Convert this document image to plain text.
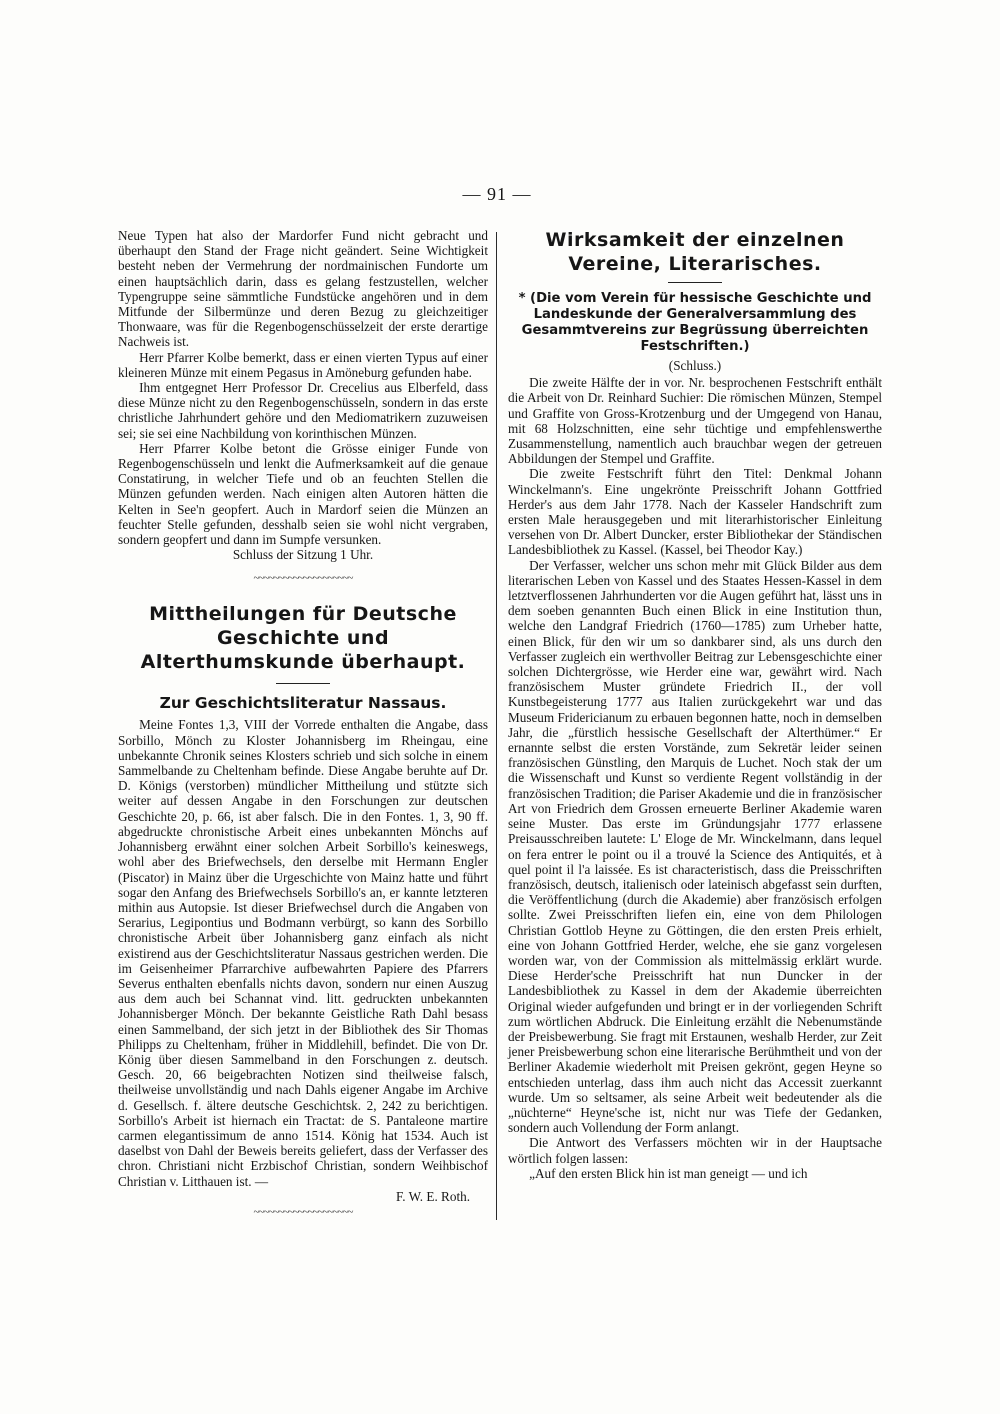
— 91 —

Neue Typen hat also der Mardorfer Fund nicht gebracht und überhaupt den Stand der Frage nicht geändert. Seine Wichtigkeit besteht neben der Vermehrung der nordmainischen Fundorte um einen hauptsächlich darin, dass es gelang festzustellen, welcher Typengruppe seine sämmtliche Fundstücke angehören und in dem Mitfunde der Silbermünze und deren Bezug zu gleichzeitiger Thonwaare, was für die Regenbogenschüsselzeit der erste derartige Nachweis ist.

Herr Pfarrer Kolbe bemerkt, dass er einen vierten Typus auf einer kleineren Münze mit einem Pegasus in Amöneburg gefunden habe.

Ihm entgegnet Herr Professor Dr. Crecelius aus Elberfeld, dass diese Münze nicht zu den Regenbogenschüsseln, sondern in das erste christliche Jahrhundert gehöre und den Mediomatrikern zuzuweisen sei; sie sei eine Nachbildung von korinthischen Münzen.

Herr Pfarrer Kolbe betont die Grösse einiger Funde von Regenbogenschüsseln und lenkt die Aufmerksamkeit auf die genaue Constatirung, in welcher Tiefe und ob an feuchten Stellen die Münzen gefunden werden. Nach einigen alten Autoren hätten die Kelten in See'n geopfert. Auch in Mardorf seien die Münzen an feuchter Stelle gefunden, desshalb seien sie wohl nicht vergraben, sondern geopfert und dann im Sumpfe versunken.

Schluss der Sitzung 1 Uhr.

~~~~~~~~~~~~~~~~~~~~

Mittheilungen für Deutsche Geschichte und Alterthumskunde überhaupt.

Zur Geschichtsliteratur Nassaus.

Meine Fontes 1,3, VIII der Vorrede enthalten die Angabe, dass Sorbillo, Mönch zu Kloster Johannisberg im Rheingau, eine unbekannte Chronik seines Klosters schrieb und sich solche in einem Sammelbande zu Cheltenham befinde. Diese Angabe beruhte auf Dr. D. Königs (verstorben) mündlicher Mittheilung und stützte sich weiter auf dessen Angabe in den Forschungen zur deutschen Geschichte 20, p. 66, ist aber falsch. Die in den Fontes. 1, 3, 90 ff. abgedruckte chronistische Arbeit eines unbekannten Mönchs auf Johannisberg erwähnt einer solchen Arbeit Sorbillo's keineswegs, wohl aber des Briefwechsels, den derselbe mit Hermann Engler (Piscator) in Mainz über die Urgeschichte von Mainz hatte und führt sogar den Anfang des Briefwechsels Sorbillo's an, er kannte letzteren mithin aus Autopsie. Ist dieser Briefwechsel durch die Angaben von Serarius, Legipontius und Bodmann verbürgt, so kann des Sorbillo chronistische Arbeit über Johannisberg ganz einfach als nicht existirend aus der Geschichtsliteratur Nassaus gestrichen werden. Die im Geisenheimer Pfarrarchive aufbewahrten Papiere des Pfarrers Severus enthalten ebenfalls nichts davon, sondern nur einen Auszug aus dem auch bei Schannat vind. litt. gedruckten unbekannten Johannisberger Mönch. Der bekannte Geistliche Rath Dahl besass einen Sammelband, der sich jetzt in der Bibliothek des Sir Thomas Philipps zu Cheltenham, früher in Middlehill, befindet. Die von Dr. König über diesen Sammelband in den Forschungen z. deutsch. Gesch. 20, 66 beigebrachten Notizen sind theilweise falsch, theilweise unvollständig und nach Dahls eigener Angabe im Archive d. Gesellsch. f. ältere deutsche Geschichtsk. 2, 242 zu berichtigen. Sorbillo's Arbeit ist hiernach ein Tractat: de S. Pantaleone martire carmen elegantissimum de anno 1514. König hat 1534. Auch ist daselbst von Dahl der Beweis bereits geliefert, dass der Verfasser des chron. Christiani nicht Erzbischof Christian, sondern Weihbischof Christian v. Litthauen ist. —

F. W. E. Roth.

~~~~~~~~~~~~~~~~~~~~

Wirksamkeit der einzelnen Vereine, Literarisches.

* (Die vom Verein für hessische Geschichte und Landeskunde der Generalversammlung des Gesammtvereins zur Begrüssung überreichten Festschriften.)

(Schluss.)

Die zweite Hälfte der in vor. Nr. besprochenen Festschrift enthält die Arbeit von Dr. Reinhard Suchier: Die römischen Münzen, Stempel und Graffite von Gross-Krotzenburg und der Umgegend von Hanau, mit 68 Holzschnitten, eine sehr tüchtige und empfehlenswerthe Zusammenstellung, namentlich auch brauchbar wegen der getreuen Abbildungen der Stempel und Graffite.

Die zweite Festschrift führt den Titel: Denkmal Johann Winckelmann's. Eine ungekrönte Preisschrift Johann Gottfried Herder's aus dem Jahr 1778. Nach der Kasseler Handschrift zum ersten Male herausgegeben und mit literarhistorischer Einleitung versehen von Dr. Albert Duncker, erster Bibliothekar der Ständischen Landesbibliothek zu Kassel. (Kassel, bei Theodor Kay.)

Der Verfasser, welcher uns schon mehr mit Glück Bilder aus dem literarischen Leben von Kassel und des Staates Hessen-Kassel in dem letztverflossenen Jahrhunderten vor die Augen geführt hat, lässt uns in dem soeben genannten Buch einen Blick in eine Institution thun, welche den Landgraf Friedrich (1760—1785) zum Urheber hatte, einen Blick, für den wir um so dankbarer sind, als uns durch den Verfasser zugleich ein werthvoller Beitrag zur Lebensgeschichte einer solchen Dichtergrösse, wie Herder eine war, gewährt wird. Nach französischem Muster gründete Friedrich II., der voll Kunstbegeisterung 1777 aus Italien zurückgekehrt war und das Museum Fridericianum zu erbauen begonnen hatte, noch in demselben Jahr, die „fürstlich hessische Gesellschaft der Alterthümer.“ Er ernannte selbst die ersten Vorstände, zum Sekretär leider seinen französischen Günstling, den Marquis de Luchet. Noch stak der um die Wissenschaft und Kunst so verdiente Regent vollständig in der französischen Tradition; die Pariser Akademie und die in französischer Art von Friedrich dem Grossen erneuerte Berliner Akademie waren seine Muster. Das erste im Gründungsjahr 1777 erlassene Preisausschreiben lautete: L' Eloge de Mr. Winckelmann, dans lequel on fera entrer le point ou il a trouvé la Science des Antiquités, et à quel point il l'a laissée. Es ist characteristisch, dass die Preisschriften französisch, deutsch, italienisch oder lateinisch abgefasst sein durften, die Veröffentlichung (durch die Akademie) aber französisch erfolgen sollte. Zwei Preisschriften liefen ein, eine von dem Philologen Christian Gottlob Heyne zu Göttingen, die den ersten Preis erhielt, eine von Johann Gottfried Herder, welche, ehe sie ganz vorgelesen worden war, von der Commission als mittelmässig erklärt wurde. Diese Herder'sche Preisschrift hat nun Duncker in der Landesbibliothek zu Kassel in dem der Akademie überreichten Original wieder aufgefunden und bringt er in der vorliegenden Schrift zum wörtlichen Abdruck. Die Einleitung erzählt die Nebenumstände der Preisbewerbung. Sie fragt mit Erstaunen, weshalb Herder, zur Zeit jener Preisbewerbung schon eine literarische Berühmtheit und von der Berliner Akademie wiederholt mit Preisen gekrönt, gegen Heyne so entschieden unterlag, dass ihm auch nicht das Accessit zuerkannt wurde. Um so seltsamer, als seine Arbeit weit bedeutender als die „nüchterne“ Heyne'sche ist, nicht nur was Tiefe der Gedanken, sondern auch Vollendung der Form anlangt.

Die Antwort des Verfassers möchten wir in der Hauptsache wörtlich folgen lassen:

„Auf den ersten Blick hin ist man geneigt — und ich
